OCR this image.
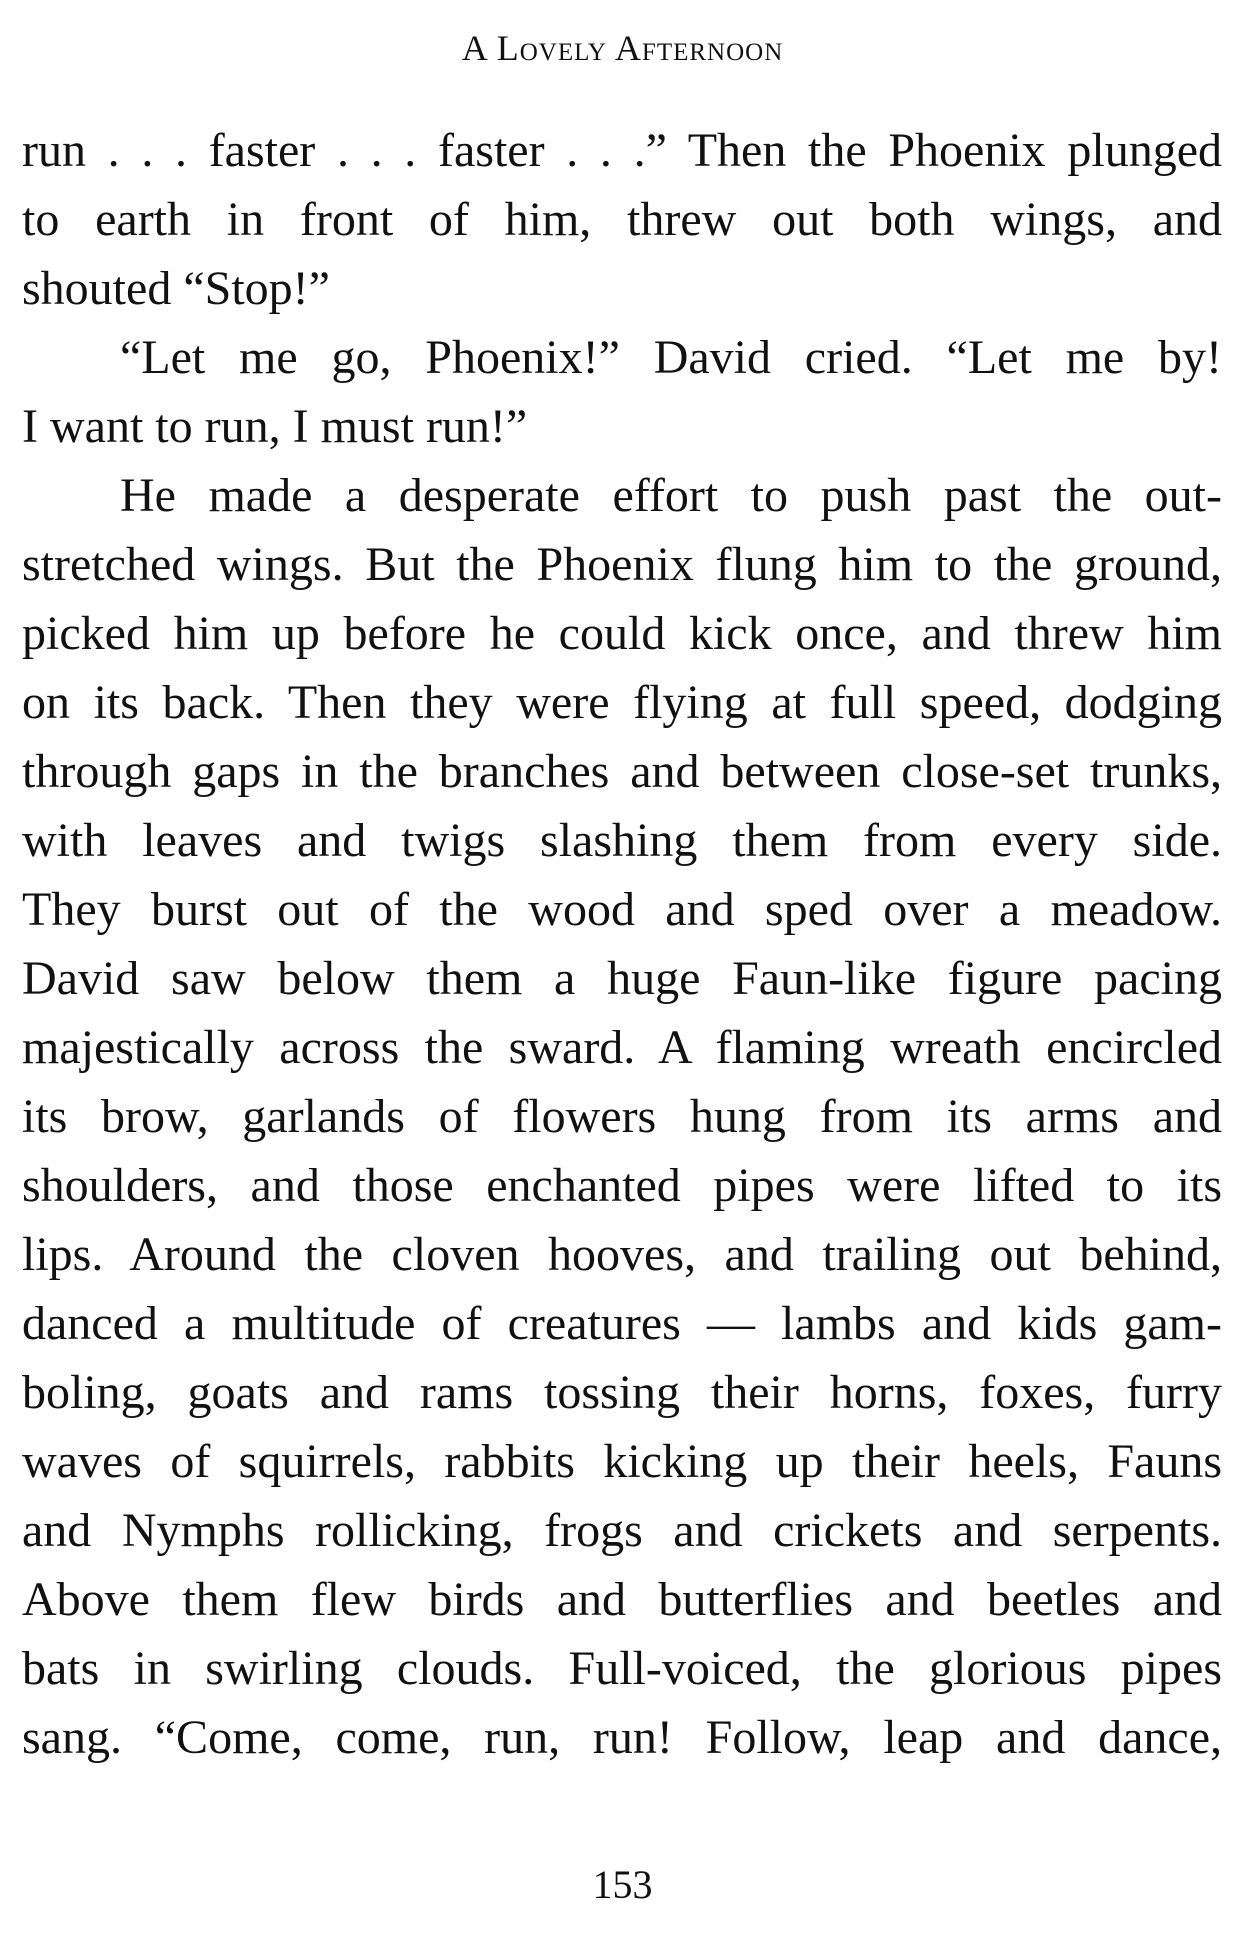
A Lovely Afternoon
run . . . faster . . . faster . . .” Then the Phoenix plunged
to earth in front of him, threw out both wings, and
shouted “Stop!”
“Let me go, Phoenix!” David cried. “Let me by!
I want to run, I must run!”
He made a desperate effort to push past the out-
stretched wings. But the Phoenix flung him to the ground,
picked him up before he could kick once, and threw him
on its back. Then they were flying at full speed, dodging
through gaps in the branches and between close-set trunks,
with leaves and twigs slashing them from every side.
They burst out of the wood and sped over a meadow.
David saw below them a huge Faun-like figure pacing
majestically across the sward. A flaming wreath encircled
its brow, garlands of flowers hung from its arms and
shoulders, and those enchanted pipes were lifted to its
lips. Around the cloven hooves, and trailing out behind,
danced a multitude of creatures — lambs and kids gam-
boling, goats and rams tossing their horns, foxes, furry
waves of squirrels, rabbits kicking up their heels, Fauns
and Nymphs rollicking, frogs and crickets and serpents.
Above them flew birds and butterflies and beetles and
bats in swirling clouds. Full-voiced, the glorious pipes
sang. “Come, come, run, run! Follow, leap and dance,
153
